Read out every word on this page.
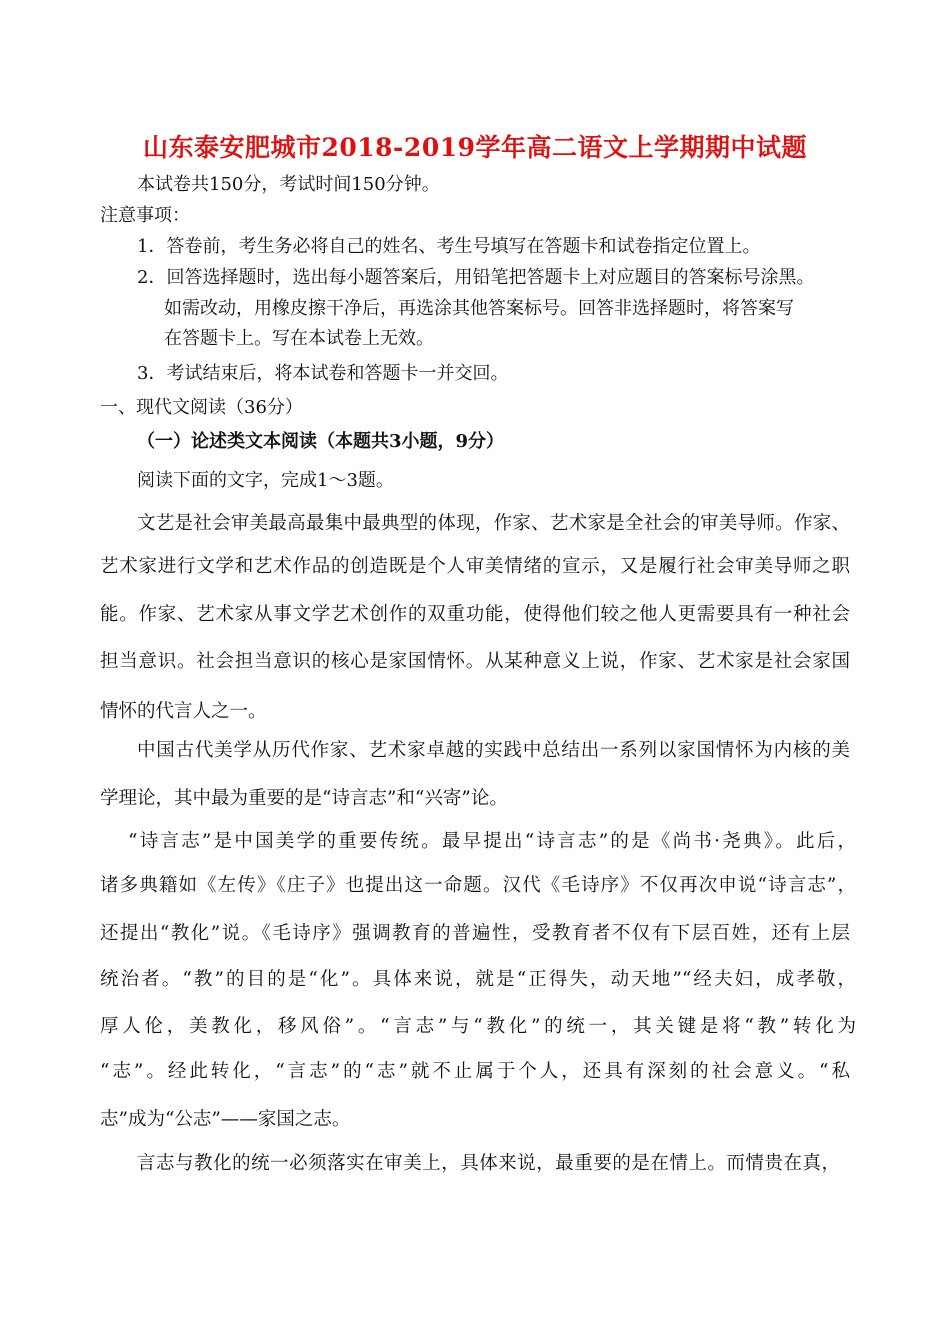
山东泰安肥城市2018-2019学年高二语文上学期期中试题
本试卷共150分，考试时间150分钟。
注意事项：
1．答卷前，考生务必将自己的姓名、考生号填写在答题卡和试卷指定位置上。
2．回答选择题时，选出每小题答案后，用铅笔把答题卡上对应题目的答案标号涂黑。
如需改动，用橡皮擦干净后，再选涂其他答案标号。回答非选择题时，将答案写
在答题卡上。写在本试卷上无效。
3．考试结束后，将本试卷和答题卡一并交回。
一、现代文阅读（36分）
（一）论述类文本阅读（本题共3小题，9分）
阅读下面的文字，完成1～3题。
文艺是社会审美最高最集中最典型的体现，作家、艺术家是全社会的审美导师。作家、
艺术家进行文学和艺术作品的创造既是个人审美情绪的宣示，又是履行社会审美导师之职
能。作家、艺术家从事文学艺术创作的双重功能，使得他们较之他人更需要具有一种社会
担当意识。社会担当意识的核心是家国情怀。从某种意义上说，作家、艺术家是社会家国
情怀的代言人之一。
中国古代美学从历代作家、艺术家卓越的实践中总结出一系列以家国情怀为内核的美
学理论，其中最为重要的是“诗言志”和“兴寄”论。
“诗言志”是中国美学的重要传统。最早提出“诗言志”的是《尚书·尧典》。此后，
诸多典籍如《左传》《庄子》也提出这一命题。汉代《毛诗序》不仅再次申说“诗言志”，
还提出“教化”说。《毛诗序》强调教育的普遍性，受教育者不仅有下层百姓，还有上层
统治者。“教”的目的是“化”。具体来说，就是“正得失，动天地”“经夫妇，成孝敬，
厚人伦，美教化，移风俗”。“言志”与“教化”的统一，其关键是将“教”转化为
“志”。经此转化，“言志”的“志”就不止属于个人，还具有深刻的社会意义。“私
志”成为“公志”——家国之志。
言志与教化的统一必须落实在审美上，具体来说，最重要的是在情上。而情贵在真，
